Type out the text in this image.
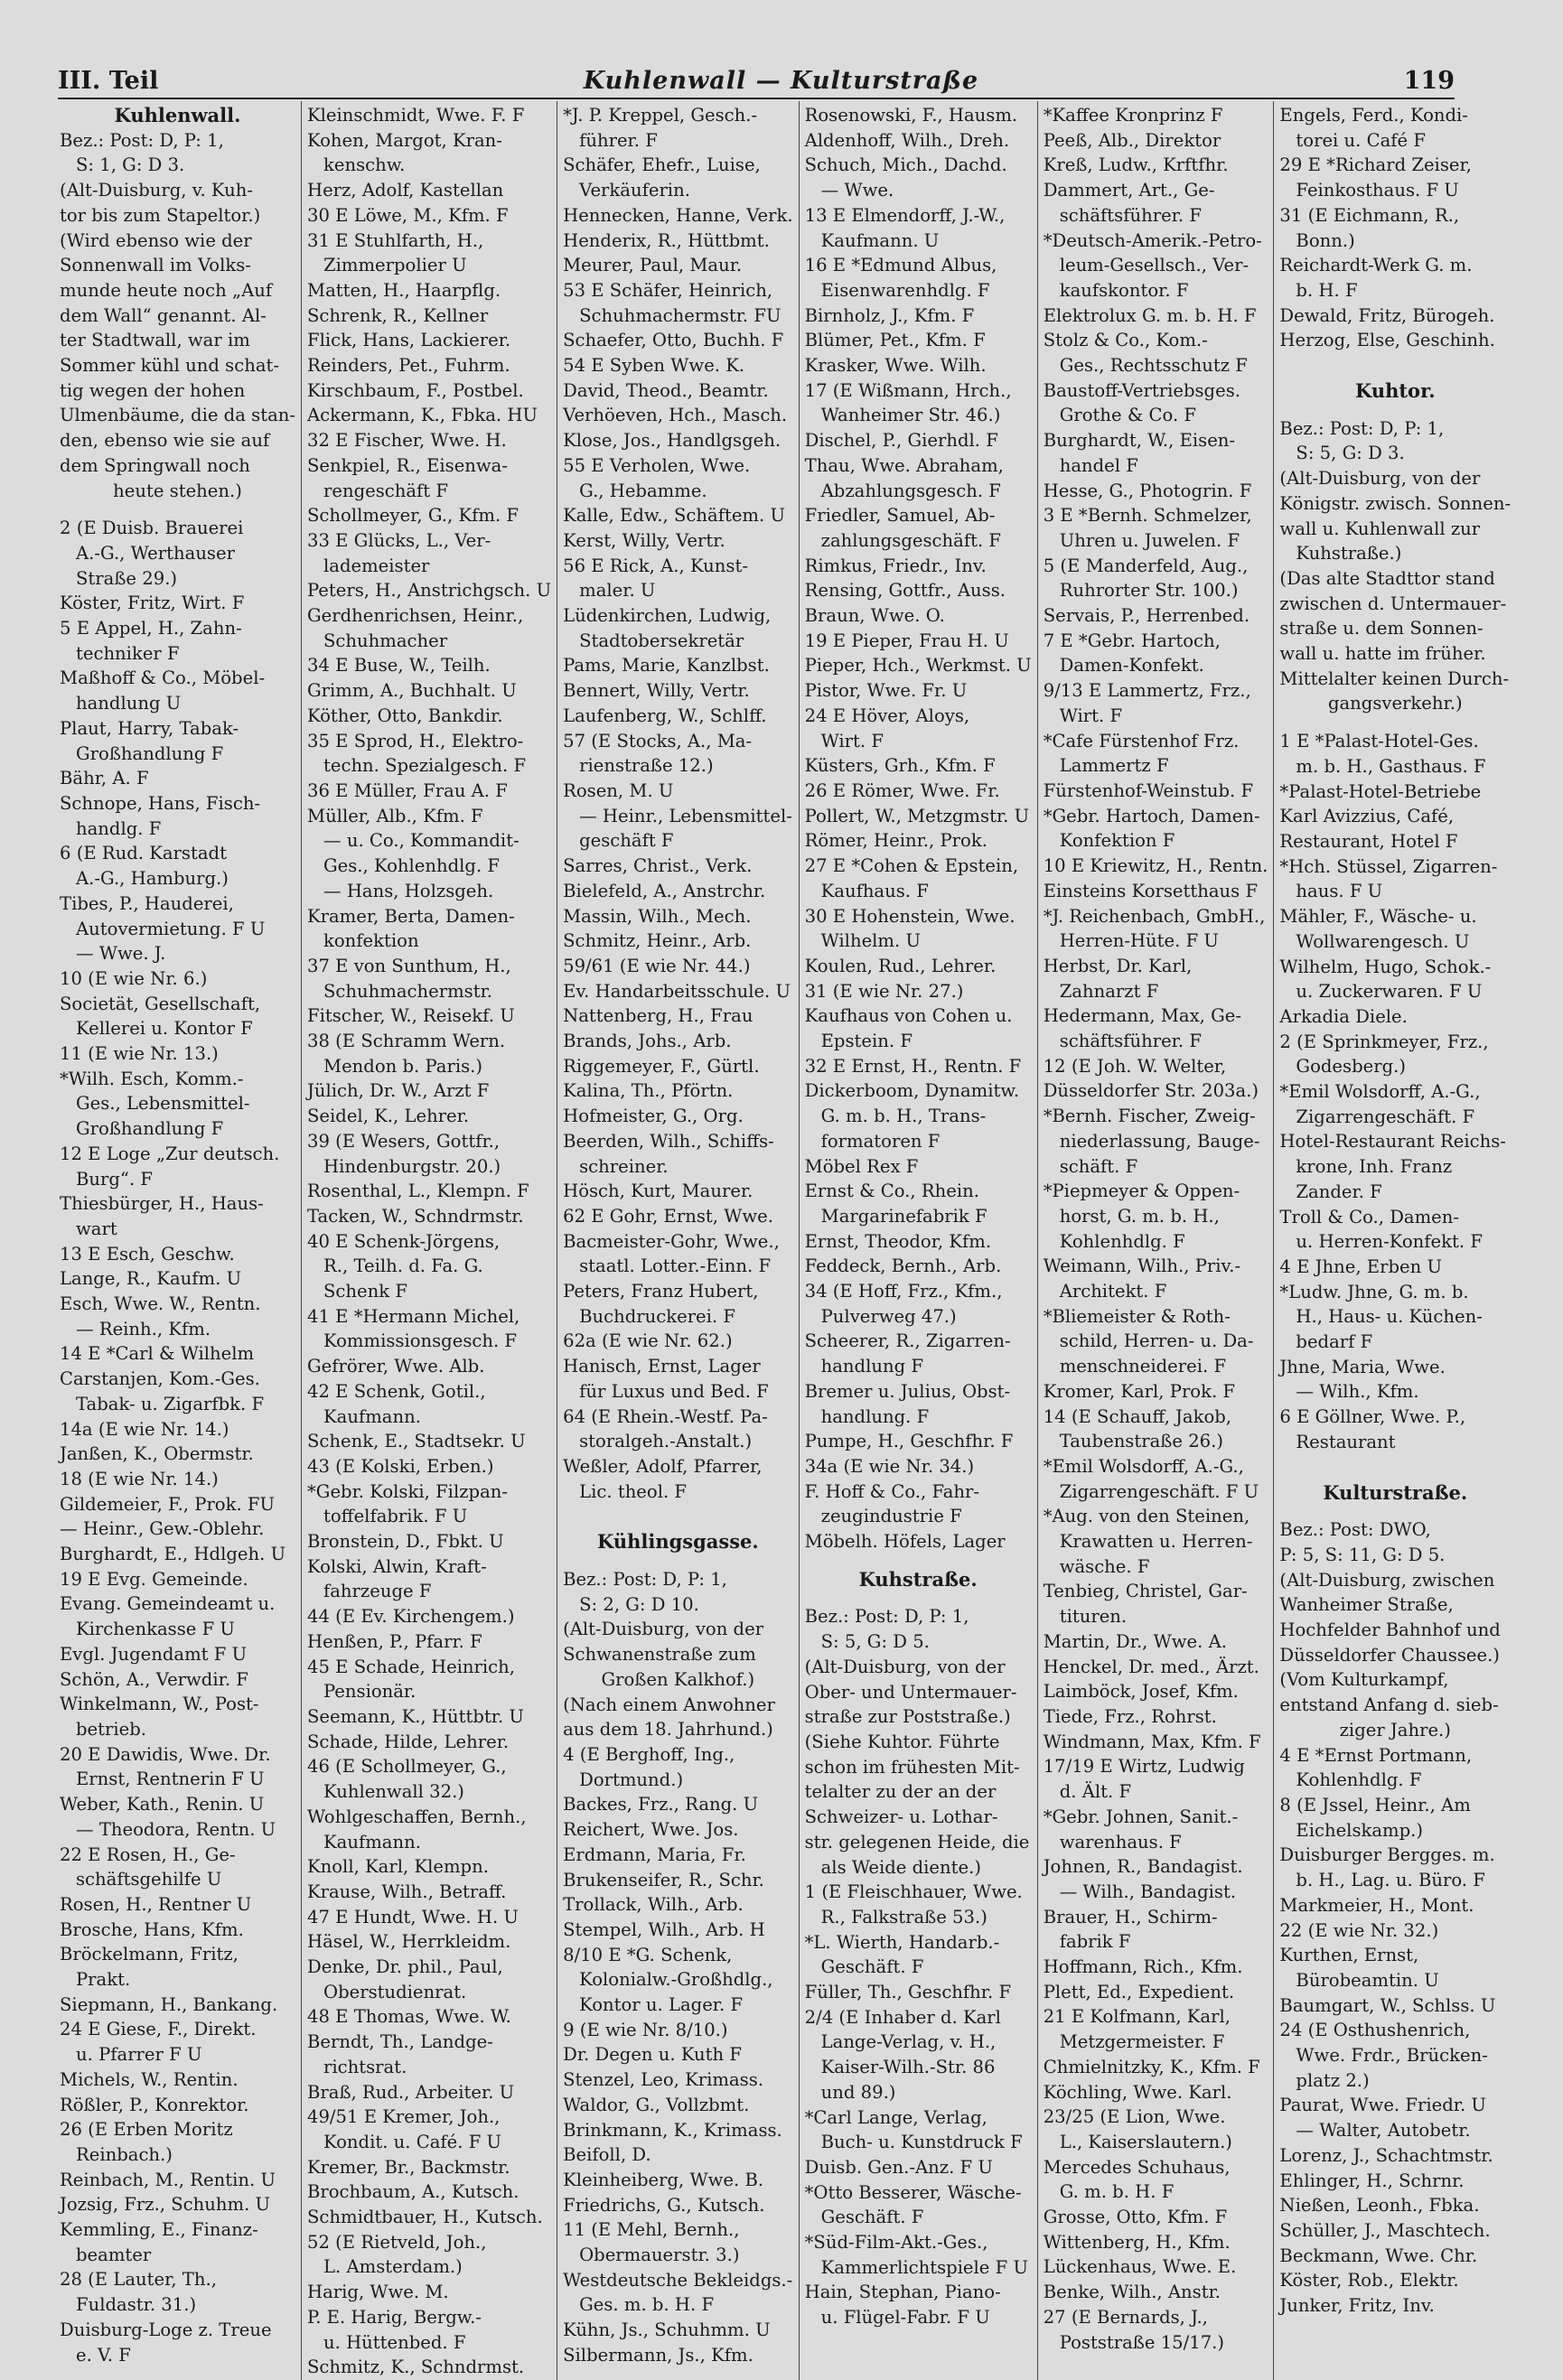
III. Teil	Kuhlenwall — Kulturstraße	119
Kuhlenwall.
Bez.: Post: D, P: 1,
S: 1, G: D 3.
(Alt-Duisburg, v. Kuh-
tor bis zum Stapeltor.)
(Wird ebenso wie der
Sonnenwall im Volks-
munde heute noch „Auf
dem Wall“ genannt. Al-
ter Stadtwall, war im
Sommer kühl und schat-
tig wegen der hohen
Ulmenbäume, die da stan-
den, ebenso wie sie auf
dem Springwall noch
heute stehen.)
2 (E Duisb. Brauerei
A.-G., Werthauser
Straße 29.)
Köster, Fritz, Wirt. F
5 E Appel, H., Zahn-
techniker F
Maßhoff & Co., Möbel-
handlung U
Plaut, Harry, Tabak-
Großhandlung F
Bähr, A. F
Schnope, Hans, Fisch-
handlg. F
6 (E Rud. Karstadt
A.-G., Hamburg.)
Tibes, P., Hauderei,
Autovermietung. F U
— Wwe. J.
10 (E wie Nr. 6.)
Societät, Gesellschaft,
Kellerei u. Kontor F
11 (E wie Nr. 13.)
*Wilh. Esch, Komm.-
Ges., Lebensmittel-
Großhandlung F
12 E Loge „Zur deutsch.
Burg“. F
Thiesbürger, H., Haus-
wart
13 E Esch, Geschw.
Lange, R., Kaufm. U
Esch, Wwe. W., Rentn.
— Reinh., Kfm.
14 E *Carl & Wilhelm
Carstanjen, Kom.-Ges.
Tabak- u. Zigarfbk. F
14a (E wie Nr. 14.)
Janßen, K., Obermstr.
18 (E wie Nr. 14.)
Gildemeier, F., Prok. FU
— Heinr., Gew.-Oblehr.
Burghardt, E., Hdlgeh. U
19 E Evg. Gemeinde.
Evang. Gemeindeamt u.
Kirchenkasse F U
Evgl. Jugendamt F U
Schön, A., Verwdir. F
Winkelmann, W., Post-
betrieb.
20 E Dawidis, Wwe. Dr.
Ernst, Rentnerin F U
Weber, Kath., Renin. U
— Theodora, Rentn. U
22 E Rosen, H., Ge-
schäftsgehilfe U
Rosen, H., Rentner U
Brosche, Hans, Kfm.
Bröckelmann, Fritz,
Prakt.
Siepmann, H., Bankang.
24 E Giese, F., Direkt.
u. Pfarrer F U
Michels, W., Rentin.
Rößler, P., Konrektor.
26 (E Erben Moritz
Reinbach.)
Reinbach, M., Rentin. U
Jozsig, Frz., Schuhm. U
Kemmling, E., Finanz-
beamter
28 (E Lauter, Th.,
Fuldastr. 31.)
Duisburg-Loge z. Treue
e. V. F
Kleinschmidt, Wwe. F. F
Kohen, Margot, Kran-
kenschw.
Herz, Adolf, Kastellan
30 E Löwe, M., Kfm. F
31 E Stuhlfarth, H.,
Zimmerpolier U
Matten, H., Haarpflg.
Schrenk, R., Kellner
Flick, Hans, Lackierer.
Reinders, Pet., Fuhrm.
Kirschbaum, F., Postbel.
Ackermann, K., Fbka. HU
32 E Fischer, Wwe. H.
Senkpiel, R., Eisenwa-
rengeschäft F
Schollmeyer, G., Kfm. F
33 E Glücks, L., Ver-
lademeister
Peters, H., Anstrichgsch. U
Gerdhenrichsen, Heinr.,
Schuhmacher
34 E Buse, W., Teilh.
Grimm, A., Buchhalt. U
Köther, Otto, Bankdir.
35 E Sprod, H., Elektro-
techn. Spezialgesch. F
36 E Müller, Frau A. F
Müller, Alb., Kfm. F
— u. Co., Kommandit-
Ges., Kohlenhdlg. F
— Hans, Holzsgeh.
Kramer, Berta, Damen-
konfektion
37 E von Sunthum, H.,
Schuhmachermstr.
Fitscher, W., Reisekf. U
38 (E Schramm Wern.
Mendon b. Paris.)
Jülich, Dr. W., Arzt F
Seidel, K., Lehrer.
39 (E Wesers, Gottfr.,
Hindenburgstr. 20.)
Rosenthal, L., Klempn. F
Tacken, W., Schndrmstr.
40 E Schenk-Jörgens,
R., Teilh. d. Fa. G.
Schenk F
41 E *Hermann Michel,
Kommissionsgesch. F
Gefrörer, Wwe. Alb.
42 E Schenk, Gotil.,
Kaufmann.
Schenk, E., Stadtsekr. U
43 (E Kolski, Erben.)
*Gebr. Kolski, Filzpan-
toffelfabrik. F U
Bronstein, D., Fbkt. U
Kolski, Alwin, Kraft-
fahrzeuge F
44 (E Ev. Kirchengem.)
Henßen, P., Pfarr. F
45 E Schade, Heinrich,
Pensionär.
Seemann, K., Hüttbtr. U
Schade, Hilde, Lehrer.
46 (E Schollmeyer, G.,
Kuhlenwall 32.)
Wohlgeschaffen, Bernh.,
Kaufmann.
Knoll, Karl, Klempn.
Krause, Wilh., Betraff.
47 E Hundt, Wwe. H. U
Häsel, W., Herrkleidm.
Denke, Dr. phil., Paul,
Oberstudienrat.
48 E Thomas, Wwe. W.
Berndt, Th., Landge-
richtsrat.
Braß, Rud., Arbeiter. U
49/51 E Kremer, Joh.,
Kondit. u. Café. F U
Kremer, Br., Backmstr.
Brochbaum, A., Kutsch.
Schmidtbauer, H., Kutsch.
52 (E Rietveld, Joh.,
L. Amsterdam.)
Harig, Wwe. M.
P. E. Harig, Bergw.-
u. Hüttenbed. F
Schmitz, K., Schndrmst.
*J. P. Kreppel, Gesch.-
führer. F
Schäfer, Ehefr., Luise,
Verkäuferin.
Hennecken, Hanne, Verk.
Henderix, R., Hüttbmt.
Meurer, Paul, Maur.
53 E Schäfer, Heinrich,
Schuhmachermstr. FU
Schaefer, Otto, Buchh. F
54 E Syben Wwe. K.
David, Theod., Beamtr.
Verhöeven, Hch., Masch.
Klose, Jos., Handlgsgeh.
55 E Verholen, Wwe.
G., Hebamme.
Kalle, Edw., Schäftem. U
Kerst, Willy, Vertr.
56 E Rick, A., Kunst-
maler. U
Lüdenkirchen, Ludwig,
Stadtobersekretär
Pams, Marie, Kanzlbst.
Bennert, Willy, Vertr.
Laufenberg, W., Schlff.
57 (E Stocks, A., Ma-
rienstraße 12.)
Rosen, M. U
— Heinr., Lebensmittel-
geschäft F
Sarres, Christ., Verk.
Bielefeld, A., Anstrchr.
Massin, Wilh., Mech.
Schmitz, Heinr., Arb.
59/61 (E wie Nr. 44.)
Ev. Handarbeitsschule. U
Nattenberg, H., Frau
Brands, Johs., Arb.
Riggemeyer, F., Gürtl.
Kalina, Th., Pförtn.
Hofmeister, G., Org.
Beerden, Wilh., Schiffs-
schreiner.
Hösch, Kurt, Maurer.
62 E Gohr, Ernst, Wwe.
Bacmeister-Gohr, Wwe.,
staatl. Lotter.-Einn. F
Peters, Franz Hubert,
Buchdruckerei. F
62a (E wie Nr. 62.)
Hanisch, Ernst, Lager
für Luxus und Bed. F
64 (E Rhein.-Westf. Pa-
storalgeh.-Anstalt.)
Weßler, Adolf, Pfarrer,
Lic. theol. F
Kühlingsgasse.
Bez.: Post: D, P: 1,
S: 2, G: D 10.
(Alt-Duisburg, von der
Schwanenstraße zum
Großen Kalkhof.)
(Nach einem Anwohner
aus dem 18. Jahrhund.)
4 (E Berghoff, Ing.,
Dortmund.)
Backes, Frz., Rang. U
Reichert, Wwe. Jos.
Erdmann, Maria, Fr.
Brukenseifer, R., Schr.
Trollack, Wilh., Arb.
Stempel, Wilh., Arb. H
8/10 E *G. Schenk,
Kolonialw.-Großhdlg.,
Kontor u. Lager. F
9 (E wie Nr. 8/10.)
Dr. Degen u. Kuth F
Stenzel, Leo, Krimass.
Waldor, G., Vollzbmt.
Brinkmann, K., Krimass.
Beifoll, D.
Kleinheiberg, Wwe. B.
Friedrichs, G., Kutsch.
11 (E Mehl, Bernh.,
Obermauerstr. 3.)
Westdeutsche Bekleidgs.-
Ges. m. b. H. F
Kühn, Js., Schuhmm. U
Silbermann, Js., Kfm.
Rosenowski, F., Hausm.
Aldenhoff, Wilh., Dreh.
Schuch, Mich., Dachd.
— Wwe.
13 E Elmendorff, J.-W.,
Kaufmann. U
16 E *Edmund Albus,
Eisenwarenhdlg. F
Birnholz, J., Kfm. F
Blümer, Pet., Kfm. F
Krasker, Wwe. Wilh.
17 (E Wißmann, Hrch.,
Wanheimer Str. 46.)
Dischel, P., Gierhdl. F
Thau, Wwe. Abraham,
Abzahlungsgesch. F
Friedler, Samuel, Ab-
zahlungsgeschäft. F
Rimkus, Friedr., Inv.
Rensing, Gottfr., Auss.
Braun, Wwe. O.
19 E Pieper, Frau H. U
Pieper, Hch., Werkmst. U
Pistor, Wwe. Fr. U
24 E Höver, Aloys,
Wirt. F
Küsters, Grh., Kfm. F
26 E Römer, Wwe. Fr.
Pollert, W., Metzgmstr. U
Römer, Heinr., Prok.
27 E *Cohen & Epstein,
Kaufhaus. F
30 E Hohenstein, Wwe.
Wilhelm. U
Koulen, Rud., Lehrer.
31 (E wie Nr. 27.)
Kaufhaus von Cohen u.
Epstein. F
32 E Ernst, H., Rentn. F
Dickerboom, Dynamitw.
G. m. b. H., Trans-
formatoren F
Möbel Rex F
Ernst & Co., Rhein.
Margarinefabrik F
Ernst, Theodor, Kfm.
Feddeck, Bernh., Arb.
34 (E Hoff, Frz., Kfm.,
Pulverweg 47.)
Scheerer, R., Zigarren-
handlung F
Bremer u. Julius, Obst-
handlung. F
Pumpe, H., Geschfhr. F
34a (E wie Nr. 34.)
F. Hoff & Co., Fahr-
zeugindustrie F
Möbelh. Höfels, Lager
Kuhstraße.
Bez.: Post: D, P: 1,
S: 5, G: D 5.
(Alt-Duisburg, von der
Ober- und Untermauer-
straße zur Poststraße.)
(Siehe Kuhtor. Führte
schon im frühesten Mit-
telalter zu der an der
Schweizer- u. Lothar-
str. gelegenen Heide, die
als Weide diente.)
1 (E Fleischhauer, Wwe.
R., Falkstraße 53.)
*L. Wierth, Handarb.-
Geschäft. F
Füller, Th., Geschfhr. F
2/4 (E Inhaber d. Karl
Lange-Verlag, v. H.,
Kaiser-Wilh.-Str. 86
und 89.)
*Carl Lange, Verlag,
Buch- u. Kunstdruck F
Duisb. Gen.-Anz. F U
*Otto Besserer, Wäsche-
Geschäft. F
*Süd-Film-Akt.-Ges.,
Kammerlichtspiele F U
Hain, Stephan, Piano-
u. Flügel-Fabr. F U
*Kaffee Kronprinz F
Peeß, Alb., Direktor
Kreß, Ludw., Krftfhr.
Dammert, Art., Ge-
schäftsführer. F
*Deutsch-Amerik.-Petro-
leum-Gesellsch., Ver-
kaufskontor. F
Elektrolux G. m. b. H. F
Stolz & Co., Kom.-
Ges., Rechtsschutz F
Baustoff-Vertriebsges.
Grothe & Co. F
Burghardt, W., Eisen-
handel F
Hesse, G., Photogrin. F
3 E *Bernh. Schmelzer,
Uhren u. Juwelen. F
5 (E Manderfeld, Aug.,
Ruhrorter Str. 100.)
Servais, P., Herrenbed.
7 E *Gebr. Hartoch,
Damen-Konfekt.
9/13 E Lammertz, Frz.,
Wirt. F
*Cafe Fürstenhof Frz.
Lammertz F
Fürstenhof-Weinstub. F
*Gebr. Hartoch, Damen-
Konfektion F
10 E Kriewitz, H., Rentn.
Einsteins Korsetthaus F
*J. Reichenbach, GmbH.,
Herren-Hüte. F U
Herbst, Dr. Karl,
Zahnarzt F
Hedermann, Max, Ge-
schäftsführer. F
12 (E Joh. W. Welter,
Düsseldorfer Str. 203a.)
*Bernh. Fischer, Zweig-
niederlassung, Bauge-
schäft. F
*Piepmeyer & Oppen-
horst, G. m. b. H.,
Kohlenhdlg. F
Weimann, Wilh., Priv.-
Architekt. F
*Bliemeister & Roth-
schild, Herren- u. Da-
menschneiderei. F
Kromer, Karl, Prok. F
14 (E Schauff, Jakob,
Taubenstraße 26.)
*Emil Wolsdorff, A.-G.,
Zigarrengeschäft. F U
*Aug. von den Steinen,
Krawatten u. Herren-
wäsche. F
Tenbieg, Christel, Gar-
tituren.
Martin, Dr., Wwe. A.
Henckel, Dr. med., Ärzt.
Laimböck, Josef, Kfm.
Tiede, Frz., Rohrst.
Windmann, Max, Kfm. F
17/19 E Wirtz, Ludwig
d. Ält. F
*Gebr. Johnen, Sanit.-
warenhaus. F
Johnen, R., Bandagist.
— Wilh., Bandagist.
Brauer, H., Schirm-
fabrik F
Hoffmann, Rich., Kfm.
Plett, Ed., Expedient.
21 E Kolfmann, Karl,
Metzgermeister. F
Chmielnitzky, K., Kfm. F
Köchling, Wwe. Karl.
23/25 (E Lion, Wwe.
L., Kaiserslautern.)
Mercedes Schuhaus,
G. m. b. H. F
Grosse, Otto, Kfm. F
Wittenberg, H., Kfm.
Lückenhaus, Wwe. E.
Benke, Wilh., Anstr.
27 (E Bernards, J.,
Poststraße 15/17.)
Engels, Ferd., Kondi-
torei u. Café F
29 E *Richard Zeiser,
Feinkosthaus. F U
31 (E Eichmann, R.,
Bonn.)
Reichardt-Werk G. m.
b. H. F
Dewald, Fritz, Bürogeh.
Herzog, Else, Geschinh.
Kuhtor.
Bez.: Post: D, P: 1,
S: 5, G: D 3.
(Alt-Duisburg, von der
Königstr. zwisch. Sonnen-
wall u. Kuhlenwall zur
Kuhstraße.)
(Das alte Stadttor stand
zwischen d. Untermauer-
straße u. dem Sonnen-
wall u. hatte im früher.
Mittelalter keinen Durch-
gangsverkehr.)
1 E *Palast-Hotel-Ges.
m. b. H., Gasthaus. F
*Palast-Hotel-Betriebe
Karl Avizzius, Café,
Restaurant, Hotel F
*Hch. Stüssel, Zigarren-
haus. F U
Mähler, F., Wäsche- u.
Wollwarengesch. U
Wilhelm, Hugo, Schok.-
u. Zuckerwaren. F U
Arkadia Diele.
2 (E Sprinkmeyer, Frz.,
Godesberg.)
*Emil Wolsdorff, A.-G.,
Zigarrengeschäft. F
Hotel-Restaurant Reichs-
krone, Inh. Franz
Zander. F
Troll & Co., Damen-
u. Herren-Konfekt. F
4 E Jhne, Erben U
*Ludw. Jhne, G. m. b.
H., Haus- u. Küchen-
bedarf F
Jhne, Maria, Wwe.
— Wilh., Kfm.
6 E Göllner, Wwe. P.,
Restaurant
Kulturstraße.
Bez.: Post: DWO,
P: 5, S: 11, G: D 5.
(Alt-Duisburg, zwischen
Wanheimer Straße,
Hochfelder Bahnhof und
Düsseldorfer Chaussee.)
(Vom Kulturkampf,
entstand Anfang d. sieb-
ziger Jahre.)
4 E *Ernst Portmann,
Kohlenhdlg. F
8 (E Jssel, Heinr., Am
Eichelskamp.)
Duisburger Bergges. m.
b. H., Lag. u. Büro. F
Markmeier, H., Mont.
22 (E wie Nr. 32.)
Kurthen, Ernst,
Bürobeamtin. U
Baumgart, W., Schlss. U
24 (E Osthushenrich,
Wwe. Frdr., Brücken-
platz 2.)
Paurat, Wwe. Friedr. U
— Walter, Autobetr.
Lorenz, J., Schachtmstr.
Ehlinger, H., Schrnr.
Nießen, Leonh., Fbka.
Schüller, J., Maschtech.
Beckmann, Wwe. Chr.
Köster, Rob., Elektr.
Junker, Fritz, Inv.
